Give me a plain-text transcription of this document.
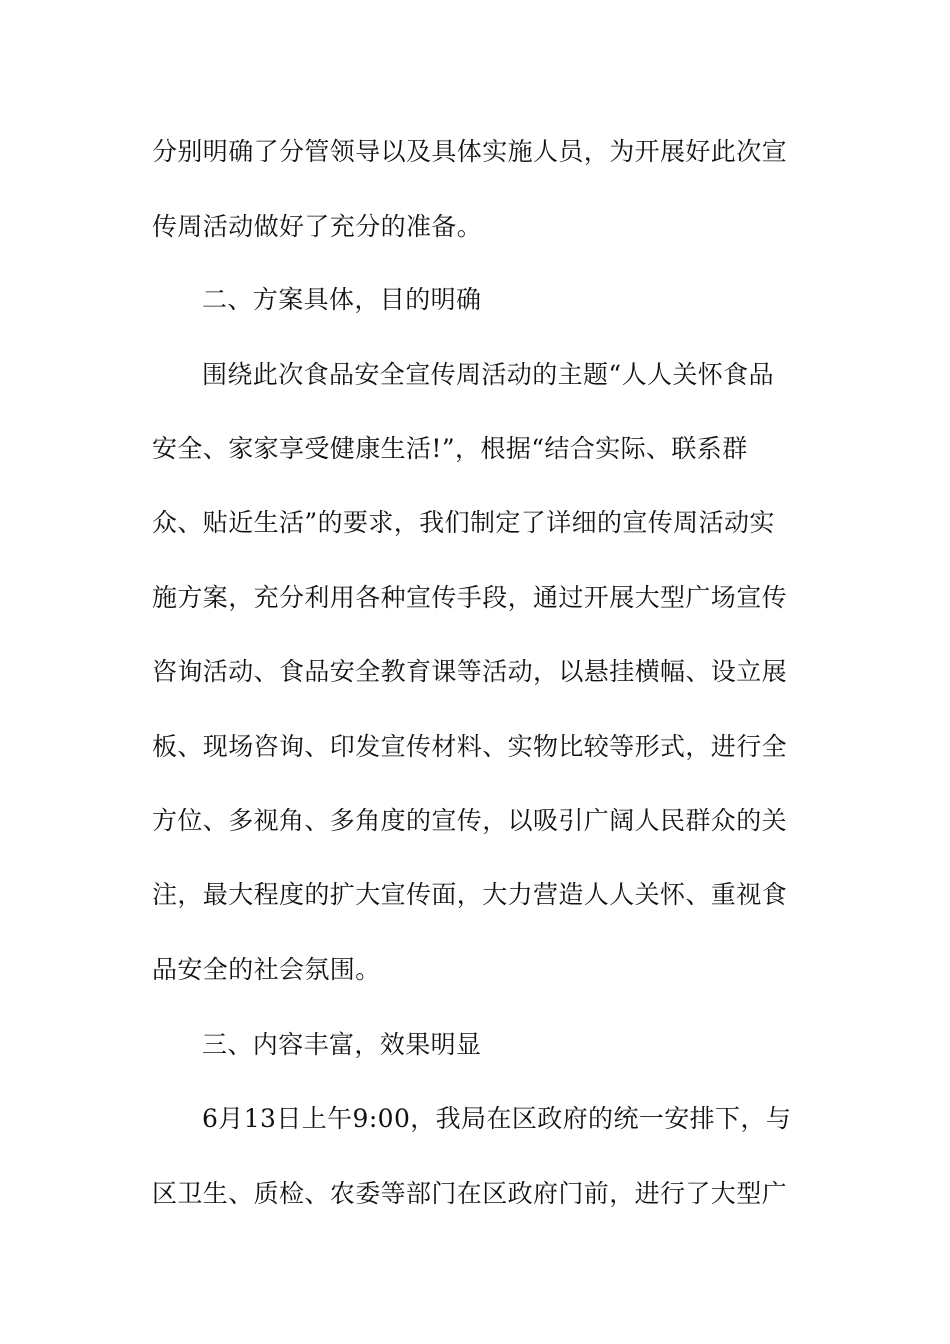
分别明确了分管领导以及具体实施人员，为开展好此次宣
传周活动做好了充分的准备。
二、方案具体，目的明确
围绕此次食品安全宣传周活动的主题“人人关怀食品
安全、家家享受健康生活!”，根据“结合实际、联系群
众、贴近生活”的要求，我们制定了详细的宣传周活动实
施方案，充分利用各种宣传手段，通过开展大型广场宣传
咨询活动、食品安全教育课等活动，以悬挂横幅、设立展
板、现场咨询、印发宣传材料、实物比较等形式，进行全
方位、多视角、多角度的宣传，以吸引广阔人民群众的关
注，最大程度的扩大宣传面，大力营造人人关怀、重视食
品安全的社会氛围。
三、内容丰富，效果明显
6月13日上午9:00，我局在区政府的统一安排下，与
区卫生、质检、农委等部门在区政府门前，进行了大型广
